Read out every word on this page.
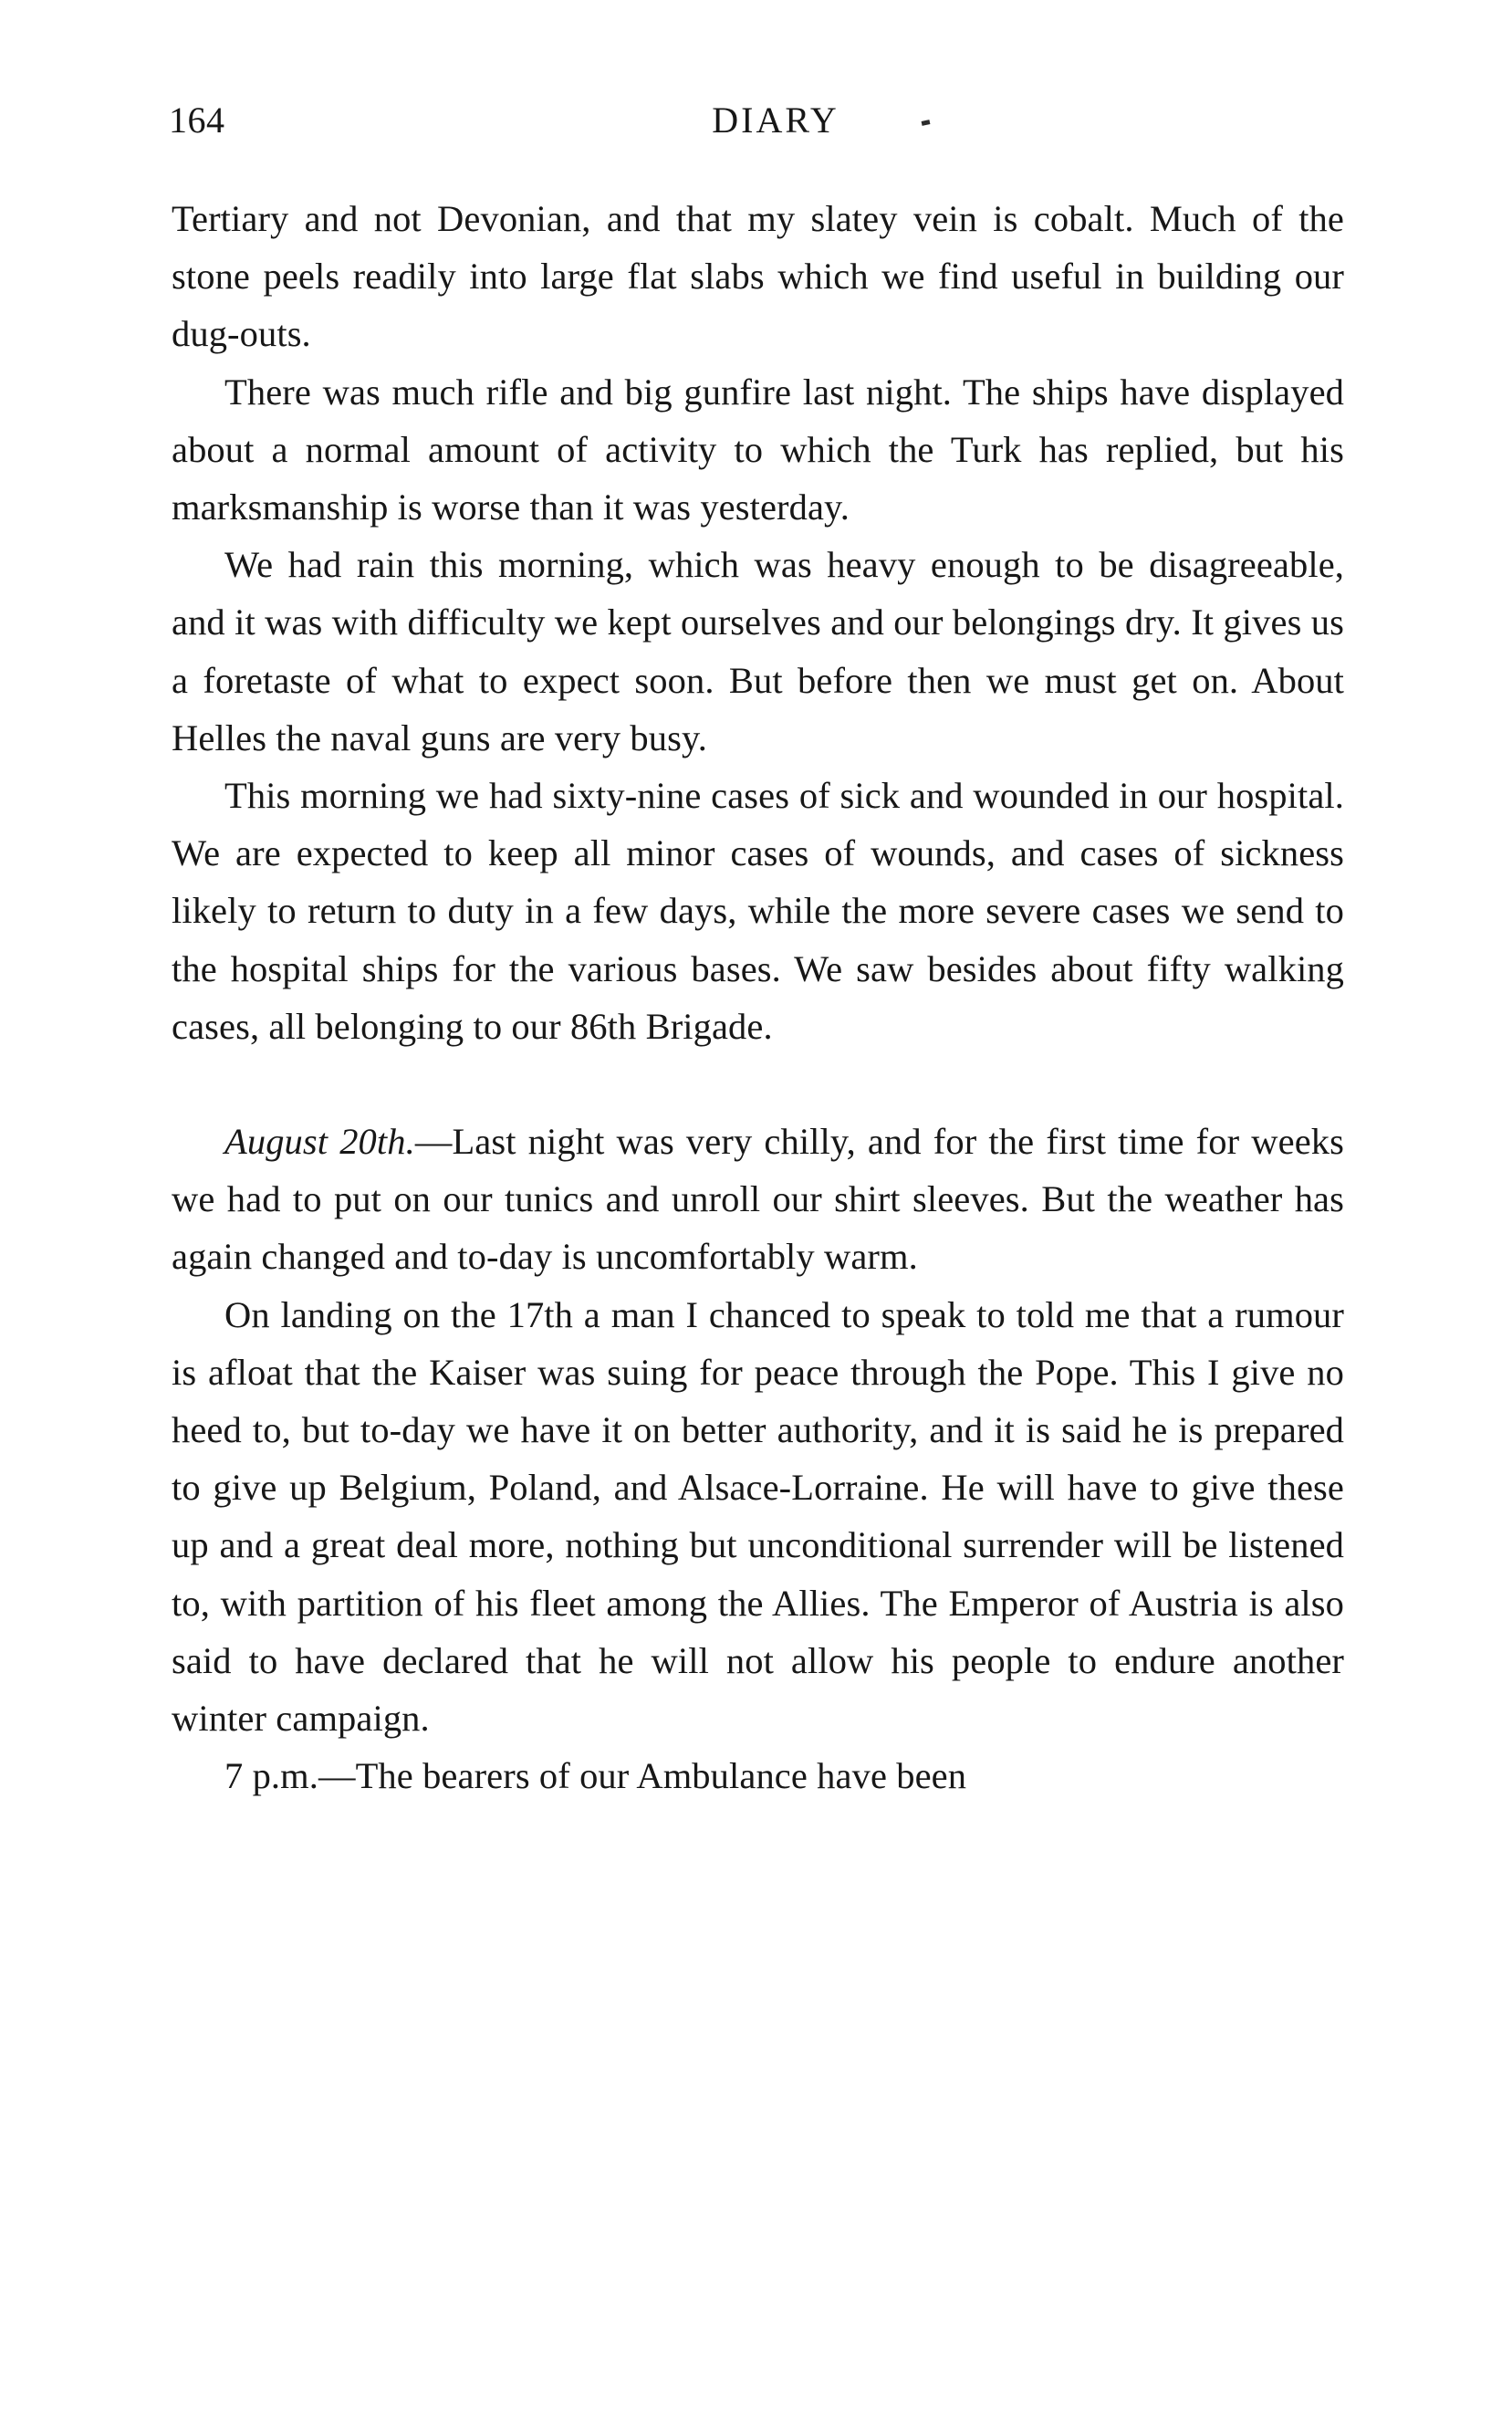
164	DIARY

Tertiary and not Devonian, and that my slatey vein is cobalt. Much of the stone peels readily into large flat slabs which we find useful in building our dug-outs.

There was much rifle and big gunfire last night. The ships have displayed about a normal amount of activity to which the Turk has replied, but his marksmanship is worse than it was yesterday.

We had rain this morning, which was heavy enough to be disagreeable, and it was with difficulty we kept ourselves and our belongings dry. It gives us a foretaste of what to expect soon. But before then we must get on. About Helles the naval guns are very busy.

This morning we had sixty-nine cases of sick and wounded in our hospital. We are expected to keep all minor cases of wounds, and cases of sickness likely to return to duty in a few days, while the more severe cases we send to the hospital ships for the various bases. We saw besides about fifty walking cases, all belonging to our 86th Brigade.

August 20th.—Last night was very chilly, and for the first time for weeks we had to put on our tunics and unroll our shirt sleeves. But the weather has again changed and to-day is uncomfortably warm.

On landing on the 17th a man I chanced to speak to told me that a rumour is afloat that the Kaiser was suing for peace through the Pope. This I give no heed to, but to-day we have it on better authority, and it is said he is prepared to give up Belgium, Poland, and Alsace-Lorraine. He will have to give these up and a great deal more, nothing but unconditional surrender will be listened to, with partition of his fleet among the Allies. The Emperor of Austria is also said to have declared that he will not allow his people to endure another winter campaign.

7 p.m.—The bearers of our Ambulance have been
